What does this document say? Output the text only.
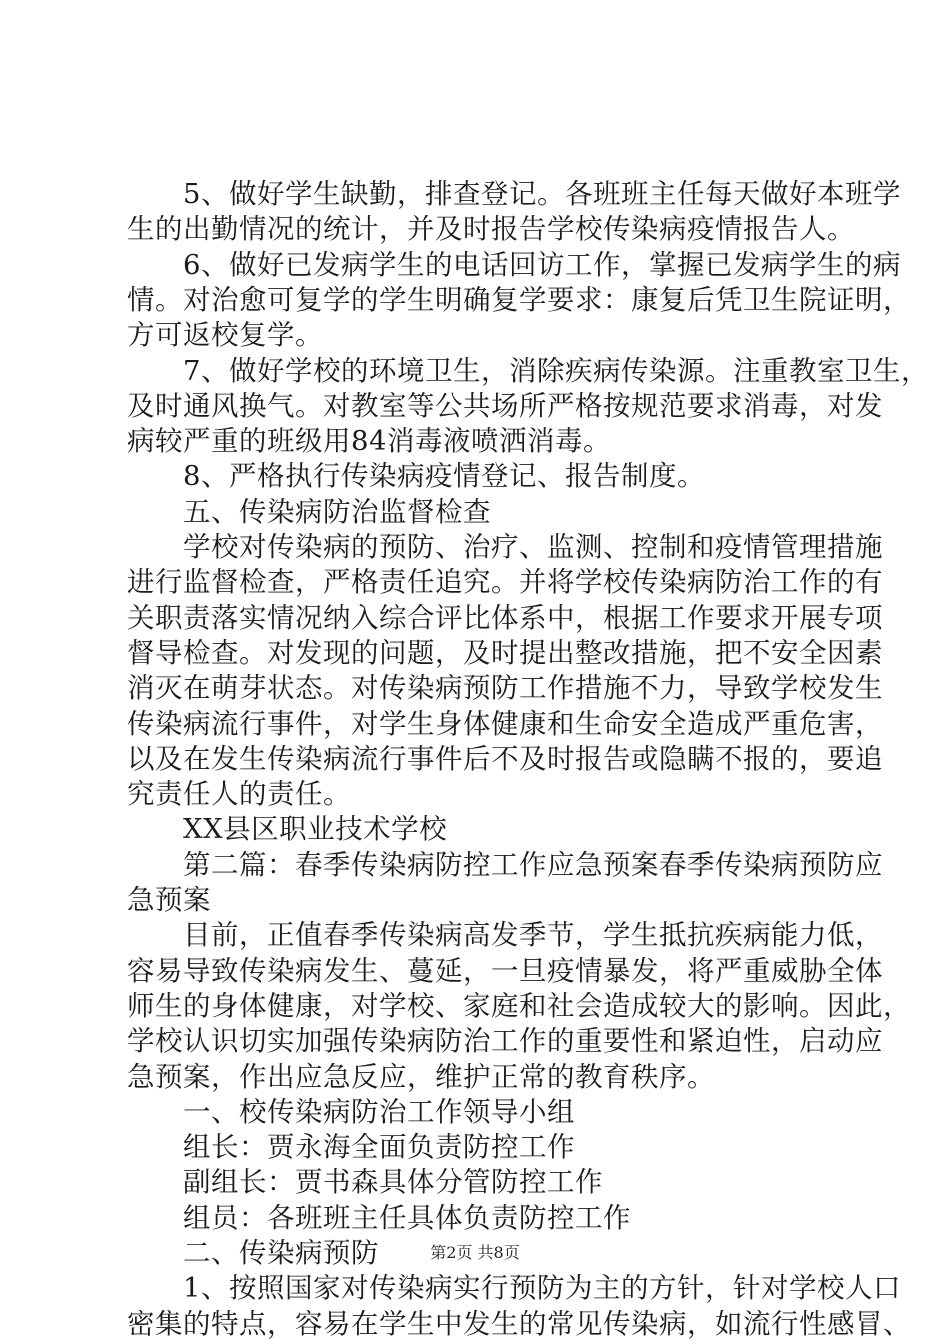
　　5、做好学生缺勤，排查登记。各班班主任每天做好本班学
生的出勤情况的统计，并及时报告学校传染病疫情报告人。
　　6、做好已发病学生的电话回访工作，掌握已发病学生的病
情。对治愈可复学的学生明确复学要求：康复后凭卫生院证明，
方可返校复学。
　　7、做好学校的环境卫生，消除疾病传染源。注重教室卫生，
及时通风换气。对教室等公共场所严格按规范要求消毒，对发
病较严重的班级用84消毒液喷洒消毒。
　　8、严格执行传染病疫情登记、报告制度。
　　五、传染病防治监督检查
　　学校对传染病的预防、治疗、监测、控制和疫情管理措施
进行监督检查，严格责任追究。并将学校传染病防治工作的有
关职责落实情况纳入综合评比体系中，根据工作要求开展专项
督导检查。对发现的问题，及时提出整改措施，把不安全因素
消灭在萌芽状态。对传染病预防工作措施不力，导致学校发生
传染病流行事件，对学生身体健康和生命安全造成严重危害，
以及在发生传染病流行事件后不及时报告或隐瞒不报的，要追
究责任人的责任。
　　XX县区职业技术学校
　　第二篇：春季传染病防控工作应急预案春季传染病预防应
急预案
　　目前，正值春季传染病高发季节，学生抵抗疾病能力低，
容易导致传染病发生、蔓延，一旦疫情暴发，将严重威胁全体
师生的身体健康，对学校、家庭和社会造成较大的影响。因此，
学校认识切实加强传染病防治工作的重要性和紧迫性，启动应
急预案，作出应急反应，维护正常的教育秩序。
　　一、校传染病防治工作领导小组
　　组长：贾永海全面负责防控工作
　　副组长：贾书森具体分管防控工作
　　组员：各班班主任具体负责防控工作
　　二、传染病预防
　　1、按照国家对传染病实行预防为主的方针，针对学校人口
密集的特点，容易在学生中发生的常见传染病，如流行性感冒、
第2页 共8页
